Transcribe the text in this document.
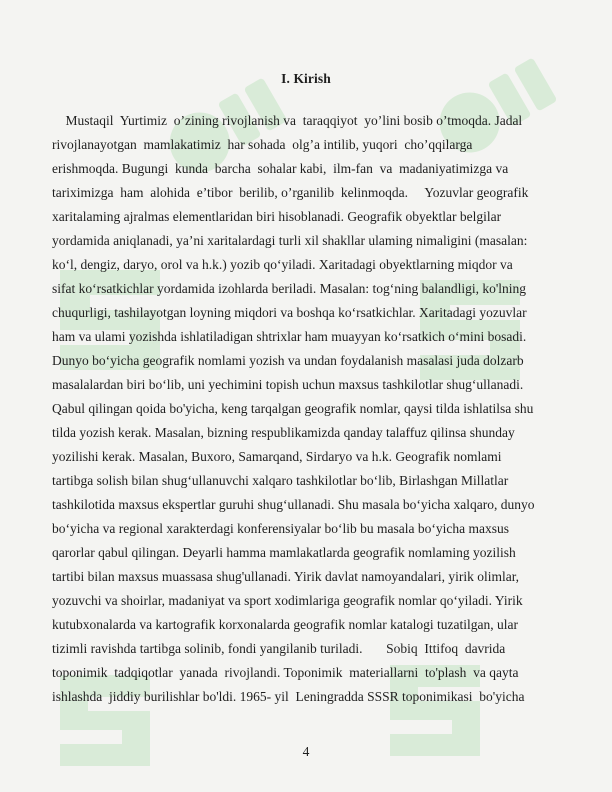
I. Kirish
Mustaqil  Yurtimiz  o’zining rivojlanish va  taraqqiyot  yo’lini bosib o’tmoqda. Jadal
rivojlanayotgan  mamlakatimiz  har sohada  olg’a intilib, yuqori  cho’qqilarga
erishmoqda. Bugungi  kunda  barcha  sohalar kabi,  ilm-fan  va  madaniyatimizga va
tariximizga  ham  alohida  e’tibor  berilib, o’rganilib  kelinmoqda.     Yozuvlar geografik
xaritalaming ajralmas elementlaridan biri hisoblanadi. Geografik obyektlar belgilar
yordamida aniqlanadi, ya’ni xaritalardagi turli xil shakllar ulaming nimaligini (masalan:
ko‘l, dengiz, daryo, orol va h.k.) yozib qo‘yiladi. Xaritadagi obyektlarning miqdor va
sifat ko‘rsatkichlar yordamida izohlarda beriladi. Masalan: tog‘ning balandligi, ko'lning
chuqurligi, tashilayotgan loyning miqdori va boshqa ko‘rsatkichlar. Xaritadagi yozuvlar
ham va ulami yozishda ishlatiladigan shtrixlar ham muayyan ko‘rsatkich o‘mini bosadi.
Dunyo bo‘yicha geografik nomlami yozish va undan foydalanish masalasi juda dolzarb
masalalardan biri bo‘lib, uni yechimini topish uchun maxsus tashkilotlar shug‘ullanadi.
Qabul qilingan qoida bo'yicha, keng tarqalgan geografik nomlar, qaysi tilda ishlatilsa shu
tilda yozish kerak. Masalan, bizning respublikamizda qanday talaffuz qilinsa shunday
yozilishi kerak. Masalan, Buxoro, Samarqand, Sirdaryo va h.k. Geografik nomlami
tartibga solish bilan shug‘ullanuvchi xalqaro tashkilotlar bo‘lib, Birlashgan Millatlar
tashkilotida maxsus ekspertlar guruhi shug‘ullanadi. Shu masala bo‘yicha xalqaro, dunyo
bo‘yicha va regional xarakterdagi konferensiyalar bo‘lib bu masala bo‘yicha maxsus
qarorlar qabul qilingan. Deyarli hamma mamlakatlarda geografik nomlaming yozilish
tartibi bilan maxsus muassasa shug'ullanadi. Yirik davlat namoyandalari, yirik olimlar,
yozuvchi va shoirlar, madaniyat va sport xodimlariga geografik nomlar qo‘yiladi. Yirik
kutubxonalarda va kartografik korxonalarda geografik nomlar katalogi tuzatilgan, ular
tizimli ravishda tartibga solinib, fondi yangilanib turiladi.       Sobiq  Ittifoq  davrida
toponimik  tadqiqotlar  yanada  rivojlandi. Toponimik  materiallarni  to'plash  va qayta
ishlashda  jiddiy burilishlar bo'ldi. 1965- yil  Leningradda SSSR toponimikasi  bo'yicha
4
